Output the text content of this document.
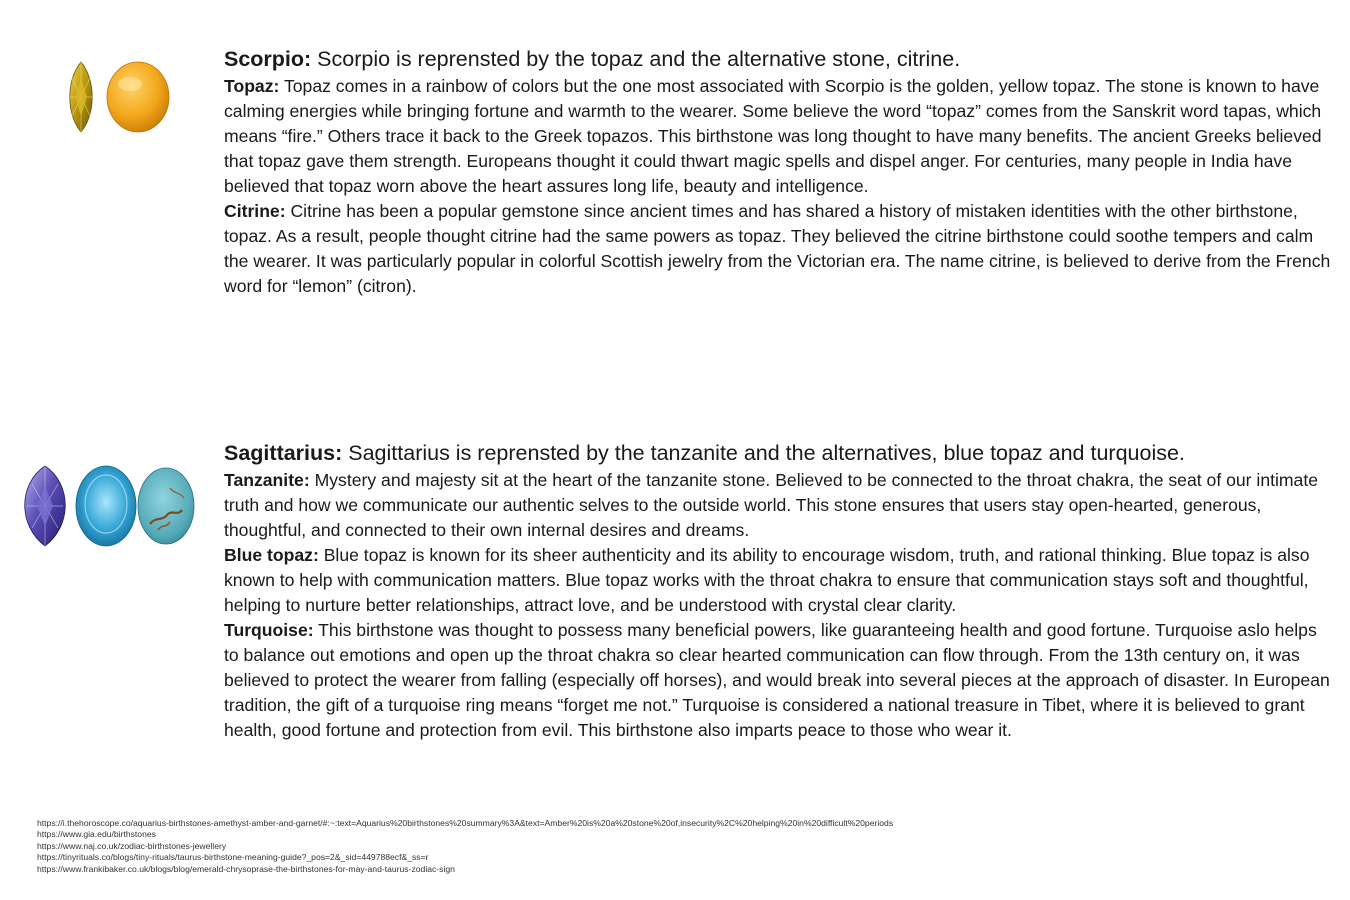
Scorpio: Scorpio is reprensted by the topaz and the alternative stone, citrine.

Topaz: Topaz comes in a rainbow of colors but the one most associated with Scorpio is the golden, yellow topaz. The stone is known to have calming energies while bringing fortune and warmth to the wearer. Some believe the word “topaz” comes from the Sanskrit word tapas, which means “fire.” Others trace it back to the Greek topazos. This birthstone was long thought to have many benefits. The ancient Greeks believed that topaz gave them strength. Europeans thought it could thwart magic spells and dispel anger. For centuries, many people in India have believed that topaz worn above the heart assures long life, beauty and intelligence.

Citrine: Citrine has been a popular gemstone since ancient times and has shared a history of mistaken identities with the other birthstone, topaz. As a result, people thought citrine had the same powers as topaz. They believed the citrine birthstone could soothe tempers and calm the wearer. It was particularly popular in colorful Scottish jewelry from the Victorian era. The name citrine, is believed to derive from the French word for “lemon” (citron).

Sagittarius: Sagittarius is reprensted by the tanzanite and the alternatives, blue topaz and turquoise.

Tanzanite: Mystery and majesty sit at the heart of the tanzanite stone. Believed to be connected to the throat chakra, the seat of our intimate truth and how we communicate our authentic selves to the outside world. This stone ensures that users stay open-hearted, generous, thoughtful, and connected to their own internal desires and dreams.

Blue topaz: Blue topaz is known for its sheer authenticity and its ability to encourage wisdom, truth, and rational thinking. Blue topaz is also known to help with communication matters. Blue topaz works with the throat chakra to ensure that communication stays soft and thoughtful, helping to nurture better relationships, attract love, and be understood with crystal clear clarity.

Turquoise: This birthstone was thought to possess many beneficial powers, like guaranteeing health and good fortune. Turquoise aslo helps to balance out emotions and open up the throat chakra so clear hearted communication can flow through. From the 13th century on, it was believed to protect the wearer from falling (especially off horses), and would break into several pieces at the approach of disaster. In European tradition, the gift of a turquoise ring means “forget me not.” Turquoise is considered a national treasure in Tibet, where it is believed to grant health, good fortune and protection from evil. This birthstone also imparts peace to those who wear it.

https://i.thehoroscope.co/aquarius-birthstones-amethyst-amber-and-garnet/#:~:text=Aquarius%20birthstones%20summary%3A&text=Amber%20is%20a%20stone%20of,insecurity%2C%20helping%20in%20difficult%20periods
https://www.gia.edu/birthstones
https://www.naj.co.uk/zodiac-birthstones-jewellery
https://tinyrituals.co/blogs/tiny-rituals/taurus-birthstone-meaning-guide?_pos=2&_sid=449788ecf&_ss=r
https://www.frankibaker.co.uk/blogs/blog/emerald-chrysoprase-the-birthstones-for-may-and-taurus-zodiac-sign
